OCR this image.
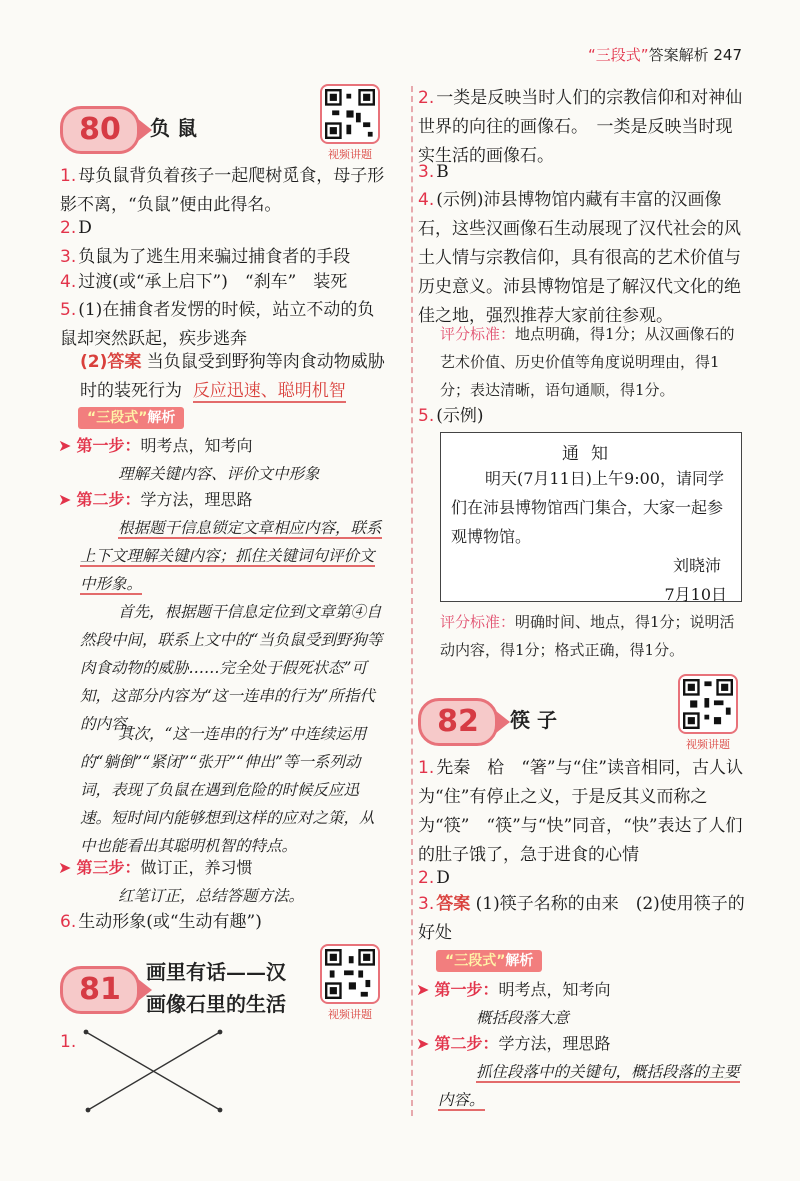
“三段式”答案解析 247
80	负 鼠
视频讲题
1. 母负鼠背负着孩子一起爬树觅食，母子形影不离，“负鼠”便由此得名。
2. D
3. 负鼠为了逃生用来骗过捕食者的手段
4. 过渡(或“承上启下”)　“刹车”　装死
5. (1)在捕食者发愣的时候，站立不动的负鼠却突然跃起，疾步逃奔
(2)答案 当负鼠受到野狗等肉食动物威胁时的装死行为 反应迅速、聪明机智
“三段式”解析
➤ 第一步：明考点，知考向
理解关键内容、评价文中形象
➤ 第二步：学方法，理思路
根据题干信息锁定文章相应内容，联系上下文理解关键内容；抓住关键词句评价文中形象。
首先，根据题干信息定位到文章第④自然段中间，联系上文中的“当负鼠受到野狗等肉食动物的威胁……完全处于假死状态”可知，这部分内容为“这一连串的行为”所指代的内容。
其次，“这一连串的行为”中连续运用的“躺倒”“紧闭”“张开”“伸出”等一系列动词，表现了负鼠在遇到危险的时候反应迅速。短时间内能够想到这样的应对之策，从中也能看出其聪明机智的特点。
➤ 第三步：做订正，养习惯
红笔订正，总结答题方法。
6. 生动形象(或“生动有趣”)
81	画里有话——汉
画像石里的生活	视频讲题
1.
2. 一类是反映当时人们的宗教信仰和对神仙世界的向往的画像石。　一类是反映当时现实生活的画像石。
3. B
4. (示例)沛县博物馆内藏有丰富的汉画像石，这些汉画像石生动展现了汉代社会的风土人情与宗教信仰，具有很高的艺术价值与历史意义。沛县博物馆是了解汉代文化的绝佳之地，强烈推荐大家前往参观。
评分标准：地点明确，得1分；从汉画像石的艺术价值、历史价值等角度说明理由，得1分；表达清晰，语句通顺，得1分。
5. (示例)
通知

明天(7月11日)上午9:00，请同学们在沛县博物馆西门集合，大家一起参观博物馆。

刘晓沛

7月10日

评分标准：明确时间、地点，得1分；说明活动内容，得1分；格式正确，得1分。
82	筷 子
视频讲题
1. 先秦　㭘　“箸”与“住”读音相同，古人认为“住”有停止之义，于是反其义而称之为“筷”　“筷”与“快”同音，“快”表达了人们的肚子饿了，急于进食的心情
2. D
3. 答案 (1)筷子名称的由来　(2)使用筷子的好处
“三段式”解析
➤ 第一步：明考点，知考向
概括段落大意
➤ 第二步：学方法，理思路
抓住段落中的关键句，概括段落的主要内容。
